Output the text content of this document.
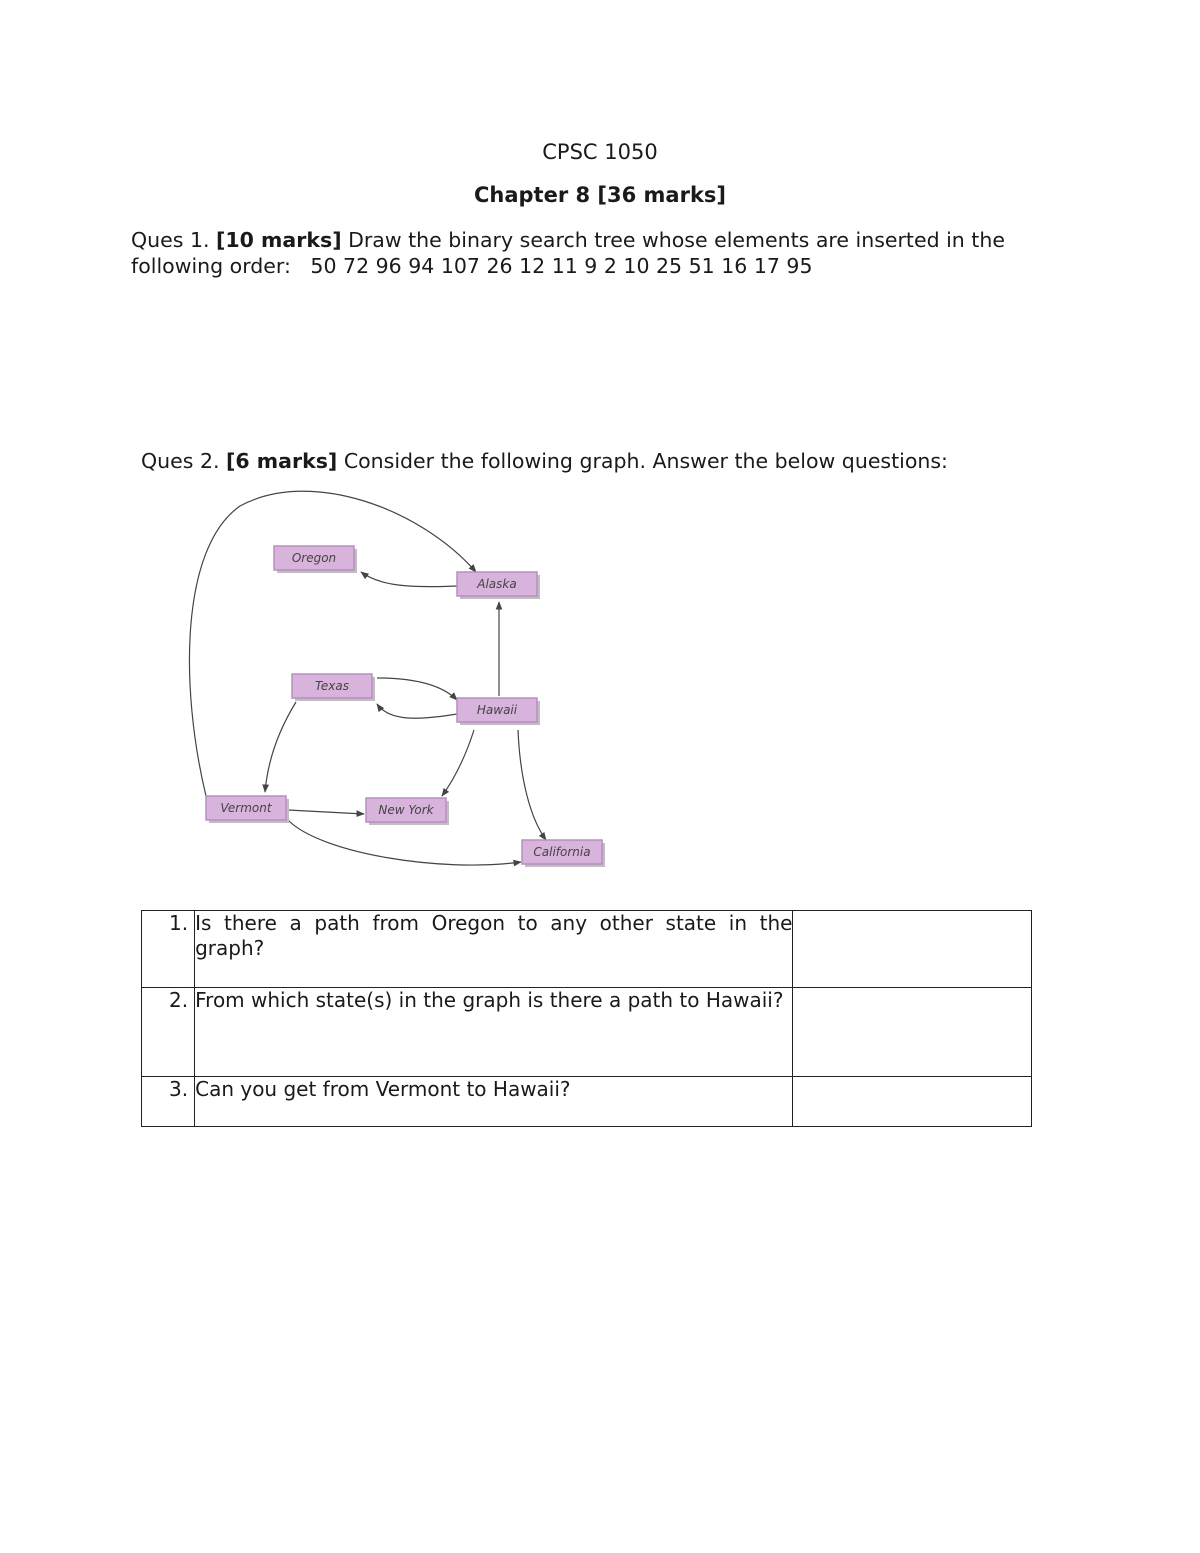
CPSC 1050
Chapter 8 [36 marks]
Ques 1. [10 marks] Draw the binary search tree whose elements are inserted in the
following order:   50 72 96 94 107 26 12 11 9 2 10 25 51 16 17 95
Ques 2. [6 marks] Consider the following graph. Answer the below questions:
Oregon
Alaska
Texas
Hawaii
Vermont	New York
California
1.	Is there a path from Oregon to any other state in the graph?	
2.	From which state(s) in the graph is there a path to Hawaii?	
3.	Can you get from Vermont to Hawaii?	
